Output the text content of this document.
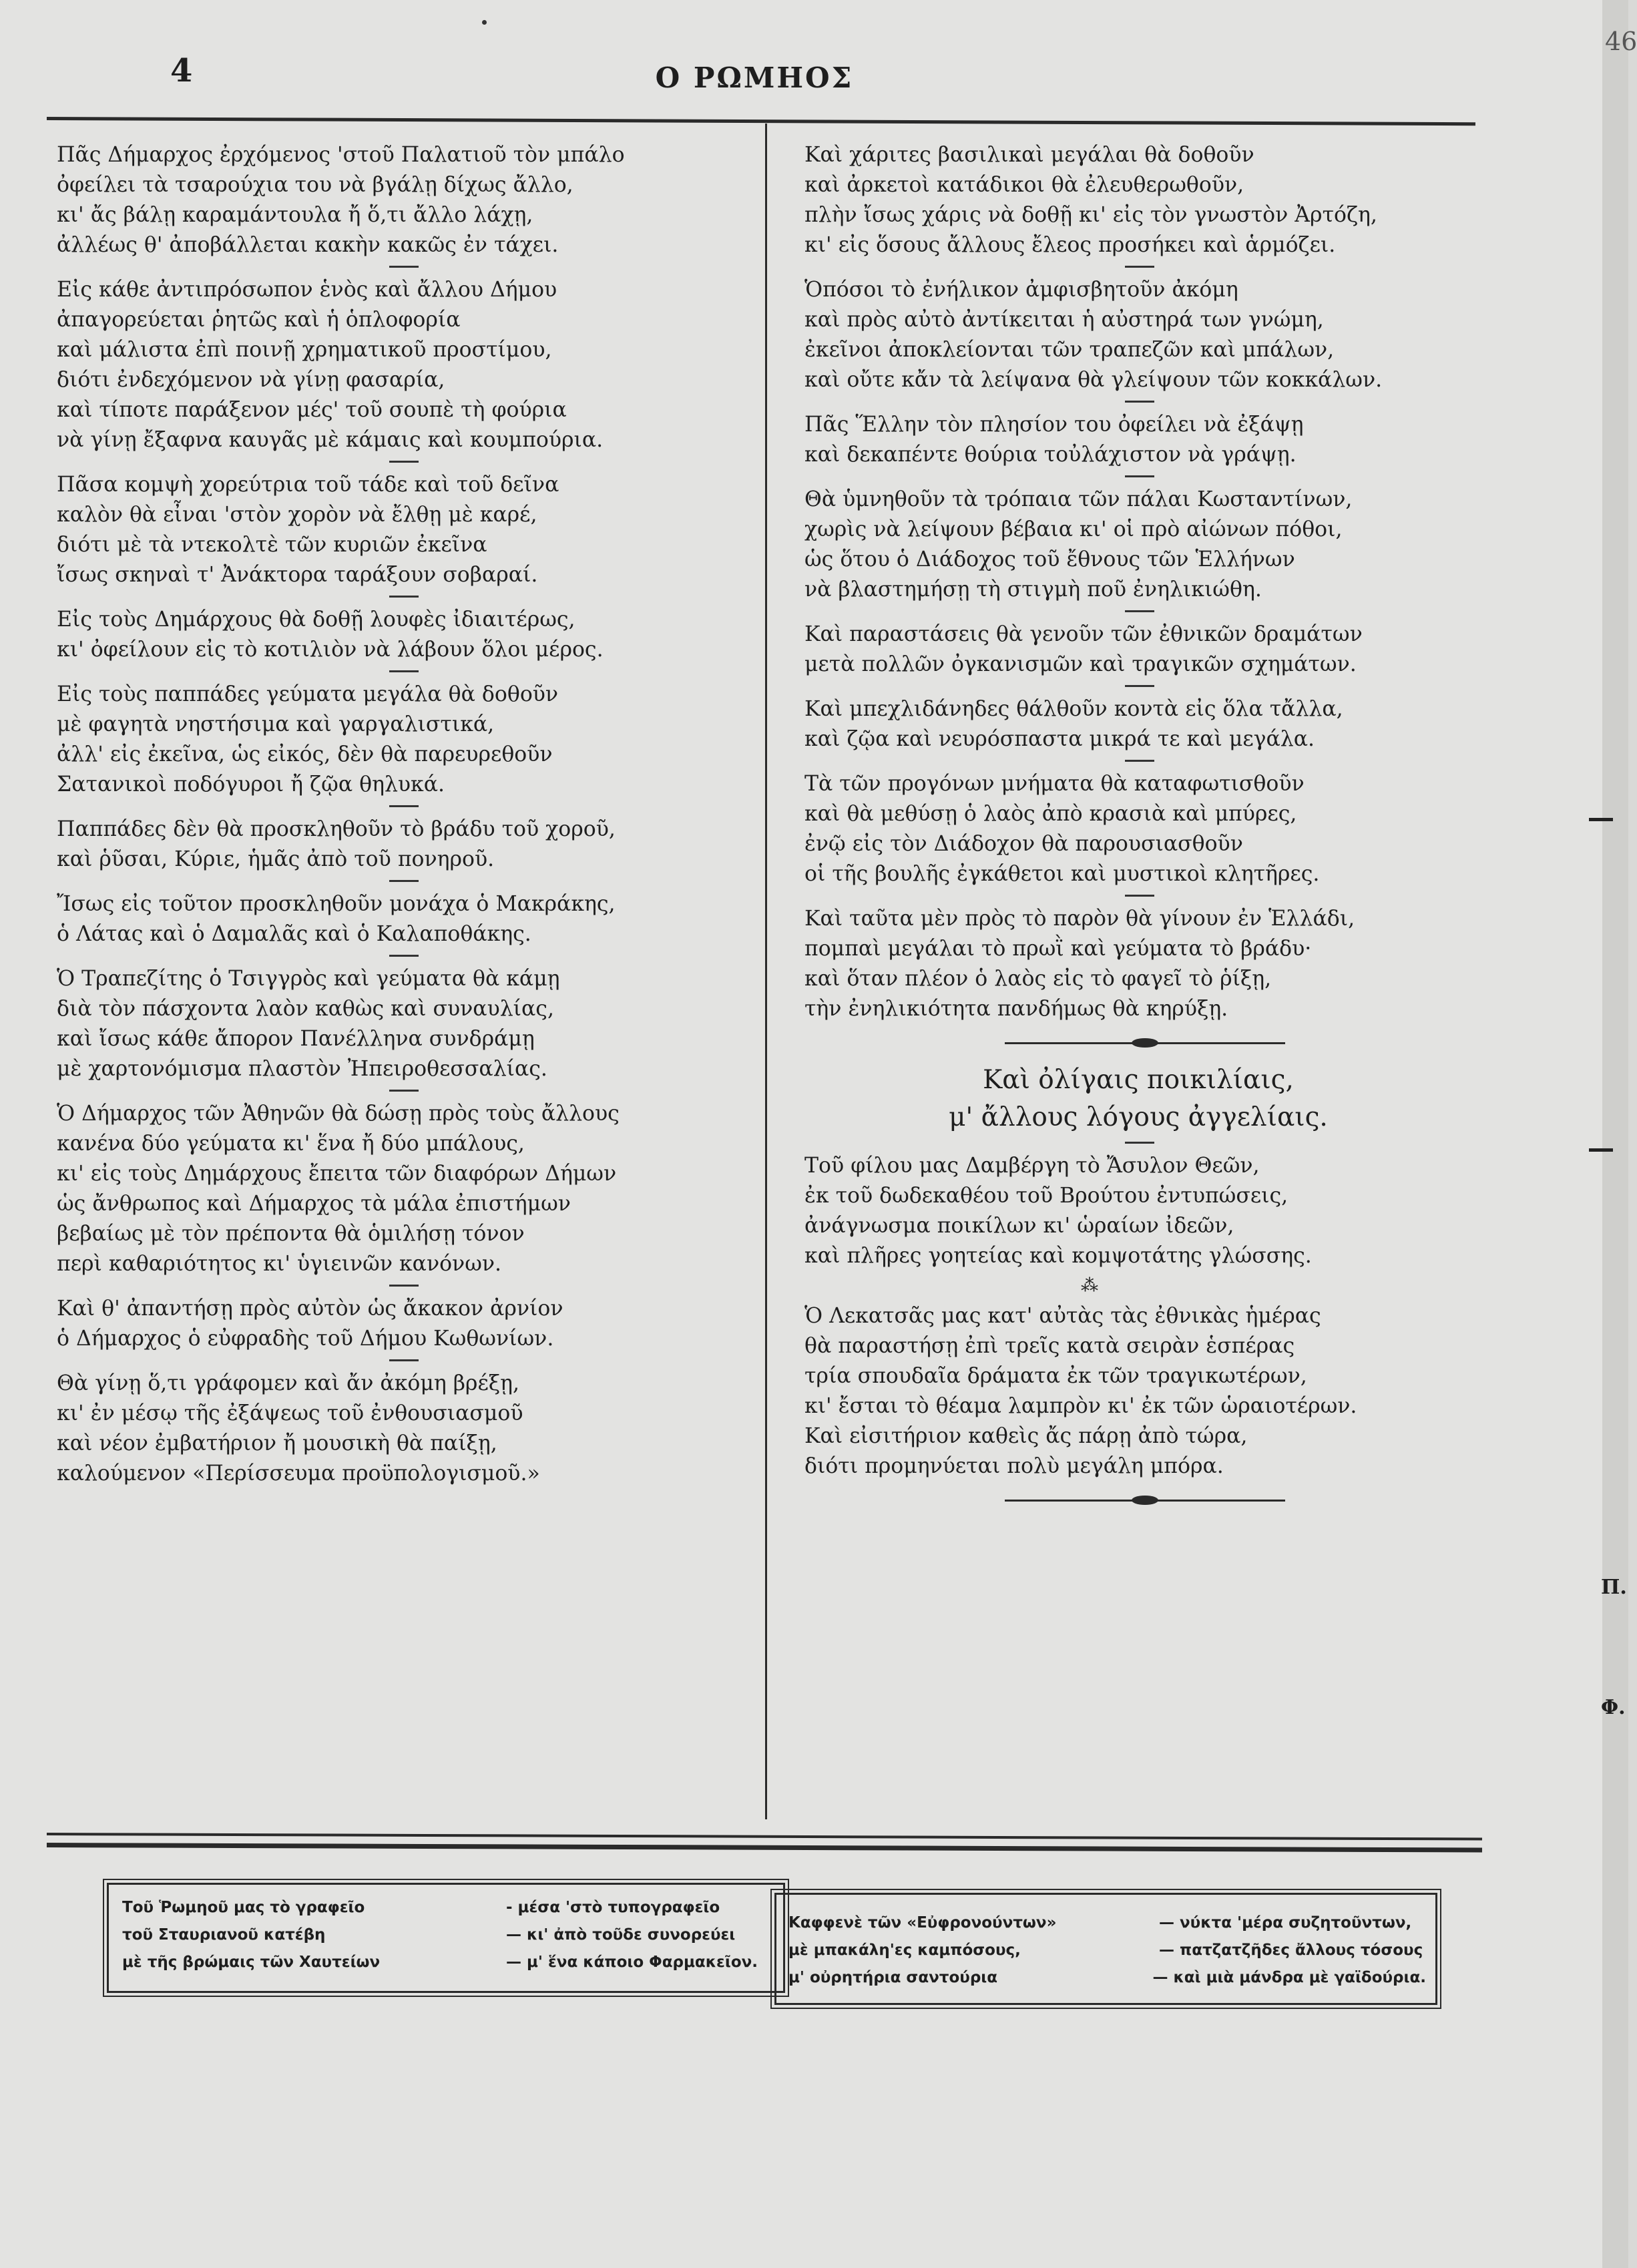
4	Ο ΡΩΜΗΟΣ
Πᾶς Δήμαρχος ἐρχόμενος 'στοῦ Παλατιοῦ τὸν μπάλο
ὀφείλει τὰ τσαρούχια του νὰ βγάλῃ δίχως ἄλλο,
κι' ἄς βάλῃ καραμάντουλα ἤ ὅ,τι ἄλλο λάχῃ,
ἀλλέως θ' ἀποβάλλεται κακὴν κακῶς ἐν τάχει.
Εἰς κάθε ἀντιπρόσωπον ἑνὸς καὶ ἄλλου Δήμου
ἀπαγορεύεται ῥητῶς καὶ ἡ ὁπλοφορία
καὶ μάλιστα ἐπὶ ποινῇ χρηματικοῦ προστίμου,
διότι ἐνδεχόμενον νὰ γίνῃ φασαρία,
καὶ τίποτε παράξενον μές' τοῦ σουπὲ τὴ φούρια
νὰ γίνῃ ἔξαφνα καυγᾶς μὲ κάμαις καὶ κουμπούρια.
Πᾶσα κομψὴ χορεύτρια τοῦ τάδε καὶ τοῦ δεῖνα
καλὸν θὰ εἶναι 'στὸν χορὸν νὰ ἔλθῃ μὲ καρέ,
διότι μὲ τὰ ντεκολτὲ τῶν κυριῶν ἐκεῖνα
ἴσως σκηναὶ τ' Ἀνάκτορα ταράξουν σοβαραί.
Εἰς τοὺς Δημάρχους θὰ δοθῇ λουφὲς ἰδιαιτέρως,
κι' ὀφείλουν εἰς τὸ κοτιλιὸν νὰ λάβουν ὅλοι μέρος.
Εἰς τοὺς παππάδες γεύματα μεγάλα θὰ δοθοῦν
μὲ φαγητὰ νηστήσιμα καὶ γαργαλιστικά,
ἀλλ' εἰς ἐκεῖνα, ὡς εἰκός, δὲν θὰ παρευρεθοῦν
Σατανικοὶ ποδόγυροι ἤ ζῷα θηλυκά.
Παππάδες δὲν θὰ προσκληθοῦν τὸ βράδυ τοῦ χοροῦ,
καὶ ῥῦσαι, Κύριε, ἡμᾶς ἀπὸ τοῦ πονηροῦ.
Ἴσως εἰς τοῦτον προσκληθοῦν μονάχα ὁ Μακράκης,
ὁ Λάτας καὶ ὁ Δαμαλᾶς καὶ ὁ Καλαποθάκης.
Ὁ Τραπεζίτης ὁ Τσιγγρὸς καὶ γεύματα θὰ κάμῃ
διὰ τὸν πάσχοντα λαὸν καθὼς καὶ συναυλίας,
καὶ ἴσως κάθε ἄπορον Πανέλληνα συνδράμῃ
μὲ χαρτονόμισμα πλαστὸν Ἠπειροθεσσαλίας.
Ὁ Δήμαρχος τῶν Ἀθηνῶν θὰ δώσῃ πρὸς τοὺς ἄλλους
κανένα δύο γεύματα κι' ἕνα ἤ δύο μπάλους,
κι' εἰς τοὺς Δημάρχους ἔπειτα τῶν διαφόρων Δήμων
ὡς ἄνθρωπος καὶ Δήμαρχος τὰ μάλα ἐπιστήμων
βεβαίως μὲ τὸν πρέποντα θὰ ὁμιλήσῃ τόνον
περὶ καθαριότητος κι' ὑγιεινῶν κανόνων.
Καὶ θ' ἀπαντήσῃ πρὸς αὐτὸν ὡς ἄκακον ἀρνίον
ὁ Δήμαρχος ὁ εὐφραδὴς τοῦ Δήμου Κωθωνίων.
Θὰ γίνῃ ὅ,τι γράφομεν καὶ ἄν ἀκόμη βρέξῃ,
κι' ἐν μέσῳ τῆς ἐξάψεως τοῦ ἐνθουσιασμοῦ
καὶ νέον ἐμβατήριον ἤ μουσικὴ θὰ παίξῃ,
καλούμενον «Περίσσευμα προϋπολογισμοῦ.»
Καὶ χάριτες βασιλικαὶ μεγάλαι θὰ δοθοῦν
καὶ ἀρκετοὶ κατάδικοι θὰ ἐλευθερωθοῦν,
πλὴν ἴσως χάρις νὰ δοθῇ κι' εἰς τὸν γνωστὸν Ἀρτόζη,
κι' εἰς ὅσους ἄλλους ἔλεος προσήκει καὶ ἁρμόζει.
Ὁπόσοι τὸ ἐνήλικον ἀμφισβητοῦν ἀκόμη
καὶ πρὸς αὐτὸ ἀντίκειται ἡ αὐστηρά των γνώμη,
ἐκεῖνοι ἀποκλείονται τῶν τραπεζῶν καὶ μπάλων,
καὶ οὔτε κἄν τὰ λείψανα θὰ γλείψουν τῶν κοκκάλων.
Πᾶς Ἕλλην τὸν πλησίον του ὀφείλει νὰ ἐξάψῃ
καὶ δεκαπέντε θούρια τοὐλάχιστον νὰ γράψῃ.
Θὰ ὑμνηθοῦν τὰ τρόπαια τῶν πάλαι Κωσταντίνων,
χωρὶς νὰ λείψουν βέβαια κι' οἱ πρὸ αἰώνων πόθοι,
ὡς ὅτου ὁ Διάδοχος τοῦ ἔθνους τῶν Ἑλλήνων
νὰ βλαστημήσῃ τὴ στιγμὴ ποῦ ἐνηλικιώθη.
Καὶ παραστάσεις θὰ γενοῦν τῶν ἐθνικῶν δραμάτων
μετὰ πολλῶν ὀγκανισμῶν καὶ τραγικῶν σχημάτων.
Καὶ μπεχλιδάνηδες θάλθοῦν κοντὰ εἰς ὅλα τἄλλα,
καὶ ζῷα καὶ νευρόσπαστα μικρά τε καὶ μεγάλα.
Τὰ τῶν προγόνων μνήματα θὰ καταφωτισθοῦν
καὶ θὰ μεθύσῃ ὁ λαὸς ἀπὸ κρασιὰ καὶ μπύρες,
ἐνῷ εἰς τὸν Διάδοχον θὰ παρουσιασθοῦν
οἱ τῆς βουλῆς ἐγκάθετοι καὶ μυστικοὶ κλητῆρες.
Καὶ ταῦτα μὲν πρὸς τὸ παρὸν θὰ γίνουν ἐν Ἑλλάδι,
πομπαὶ μεγάλαι τὸ πρωῒ καὶ γεύματα τὸ βράδυ·
καὶ ὅταν πλέον ὁ λαὸς εἰς τὸ φαγεῖ τὸ ῥίξῃ,
τὴν ἐνηλικιότητα πανδήμως θὰ κηρύξῃ.
Καὶ ὀλίγαις ποικιλίαις,
μ' ἄλλους λόγους ἀγγελίαις.
Τοῦ φίλου μας Δαμβέργη τὸ Ἄσυλον Θεῶν,
ἐκ τοῦ δωδεκαθέου τοῦ Βρούτου ἐντυπώσεις,
ἀνάγνωσμα ποικίλων κι' ὡραίων ἰδεῶν,
καὶ πλῆρες γοητείας καὶ κομψοτάτης γλώσσης.
⁂
Ὁ Λεκατσᾶς μας κατ' αὐτὰς τὰς ἐθνικὰς ἡμέρας
θὰ παραστήσῃ ἐπὶ τρεῖς κατὰ σειρὰν ἑσπέρας
τρία σπουδαῖα δράματα ἐκ τῶν τραγικωτέρων,
κι' ἔσται τὸ θέαμα λαμπρὸν κι' ἐκ τῶν ὡραιοτέρων.
Καὶ εἰσιτήριον καθεὶς ἄς πάρῃ ἀπὸ τώρα,
διότι προμηνύεται πολὺ μεγάλη μπόρα.
Τοῦ Ῥωμηοῦ μας τὸ γραφεῖο	- μέσα 'στὸ τυπογραφεῖο
τοῦ Σταυριανοῦ κατέβη	— κι' ἀπὸ τοῦδε συνορεύει
μὲ τῆς βρώμαις τῶν Χαυτείων	— μ' ἕνα κάποιο Φαρμακεῖον.
Καφφενὲ τῶν «Εὐφρονούντων»	— νύκτα 'μέρα συζητοῦντων,
μὲ μπακάλη'ες καμπόσους,	— πατζατζῆδες ἄλλους τόσους
μ' οὐρητήρια σαντούρια	— καὶ μιὰ μάνδρα μὲ γαϊδούρια.
46
Π.
Φ.
